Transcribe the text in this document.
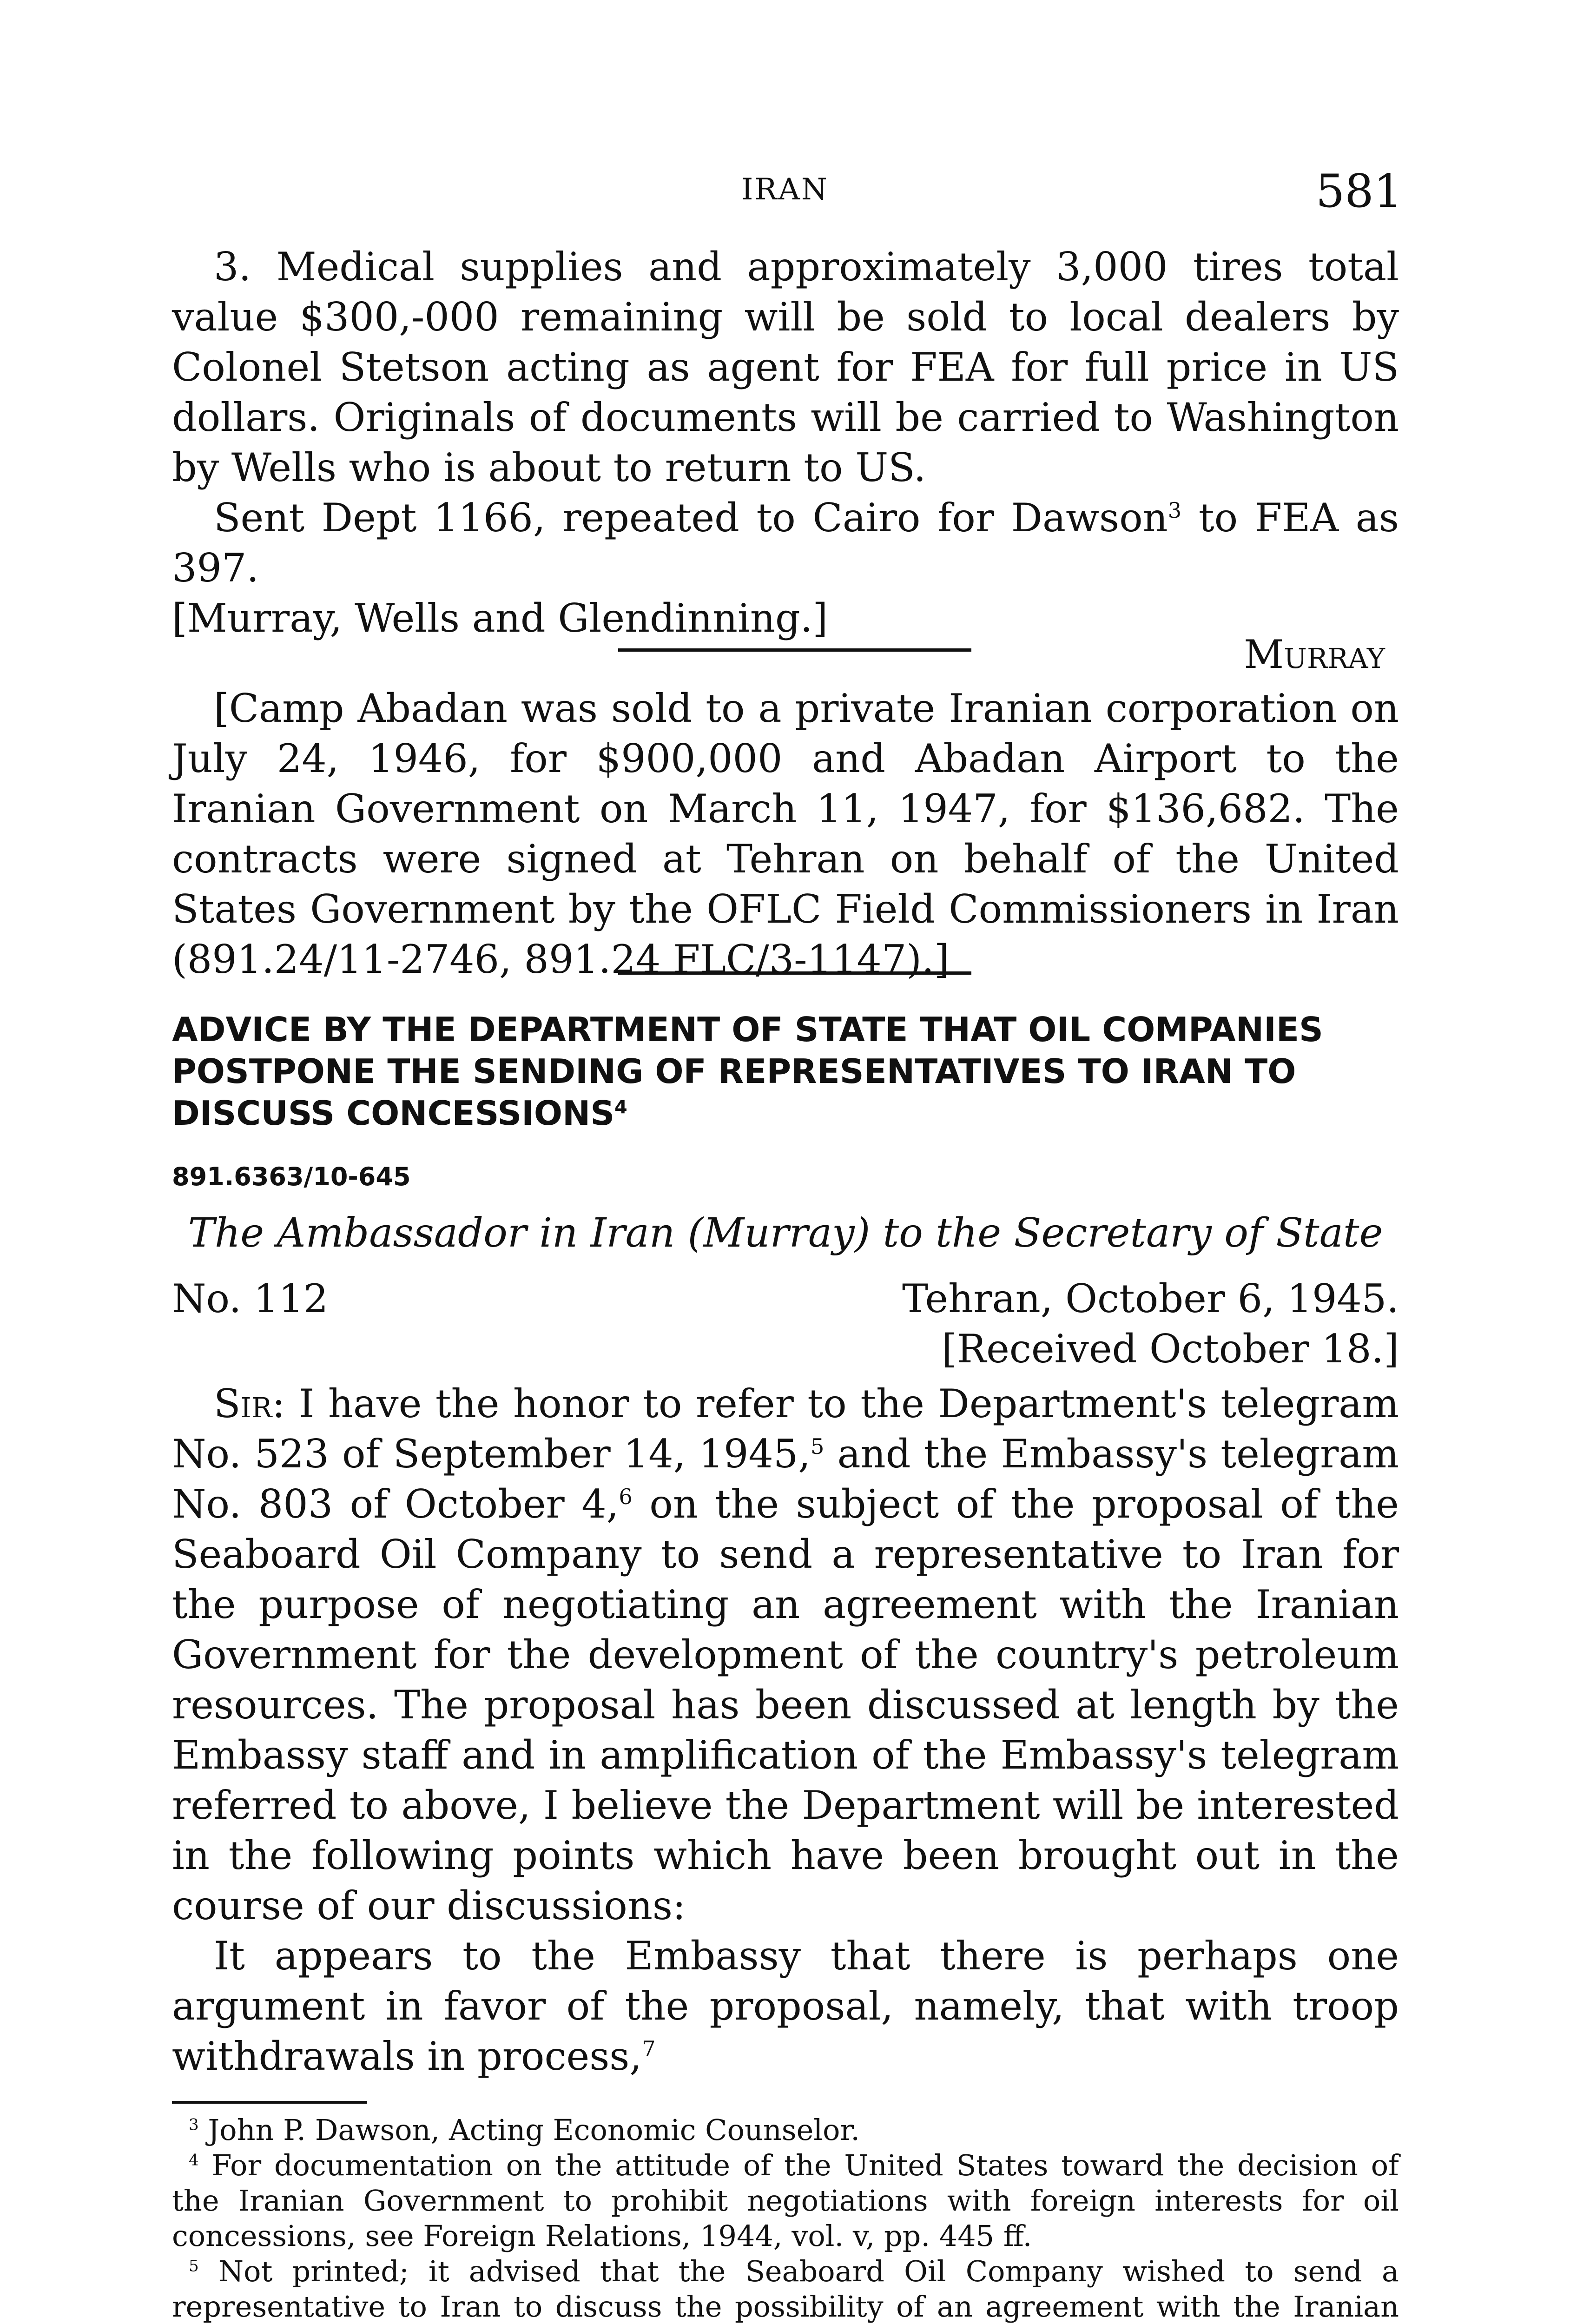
IRAN	581

3. Medical supplies and approximately 3,000 tires total value $300,-000 remaining will be sold to local dealers by Colonel Stetson acting as agent for FEA for full price in US dollars. Originals of documents will be carried to Washington by Wells who is about to return to US.

Sent Dept 1166, repeated to Cairo for Dawson$^3$ to FEA as 397.

[Murray, Wells and Glendinning.]

Murray

[Camp Abadan was sold to a private Iranian corporation on July 24, 1946, for $900,000 and Abadan Airport to the Iranian Government on March 11, 1947, for $136,682. The contracts were signed at Tehran on behalf of the United States Government by the OFLC Field Commissioners in Iran (891.24/11-2746, 891.24 FLC/3-1147).]

ADVICE BY THE DEPARTMENT OF STATE THAT OIL COMPANIES POSTPONE THE SENDING OF REPRESENTATIVES TO IRAN TO DISCUSS CONCESSIONS$^4$

891.6363/10-645

The Ambassador in Iran (Murray) to the Secretary of State

No. 112	Tehran, October 6, 1945.

[Received October 18.]

Sir: I have the honor to refer to the Department's telegram No. 523 of September 14, 1945,$^5$ and the Embassy's telegram No. 803 of October 4,$^6$ on the subject of the proposal of the Seaboard Oil Company to send a representative to Iran for the purpose of negotiating an agreement with the Iranian Government for the development of the country's petroleum resources. The proposal has been discussed at length by the Embassy staff and in amplification of the Embassy's telegram referred to above, I believe the Department will be interested in the following points which have been brought out in the course of our discussions:

It appears to the Embassy that there is perhaps one argument in favor of the proposal, namely, that with troop withdrawals in process,$^7$

$^3$ John P. Dawson, Acting Economic Counselor.

$^4$ For documentation on the attitude of the United States toward the decision of the Iranian Government to prohibit negotiations with foreign interests for oil concessions, see Foreign Relations, 1944, vol. v, pp. 445 ff.

$^5$ Not printed; it advised that the Seaboard Oil Company wished to send a representative to Iran to discuss the possibility of an agreement with the Iranian
